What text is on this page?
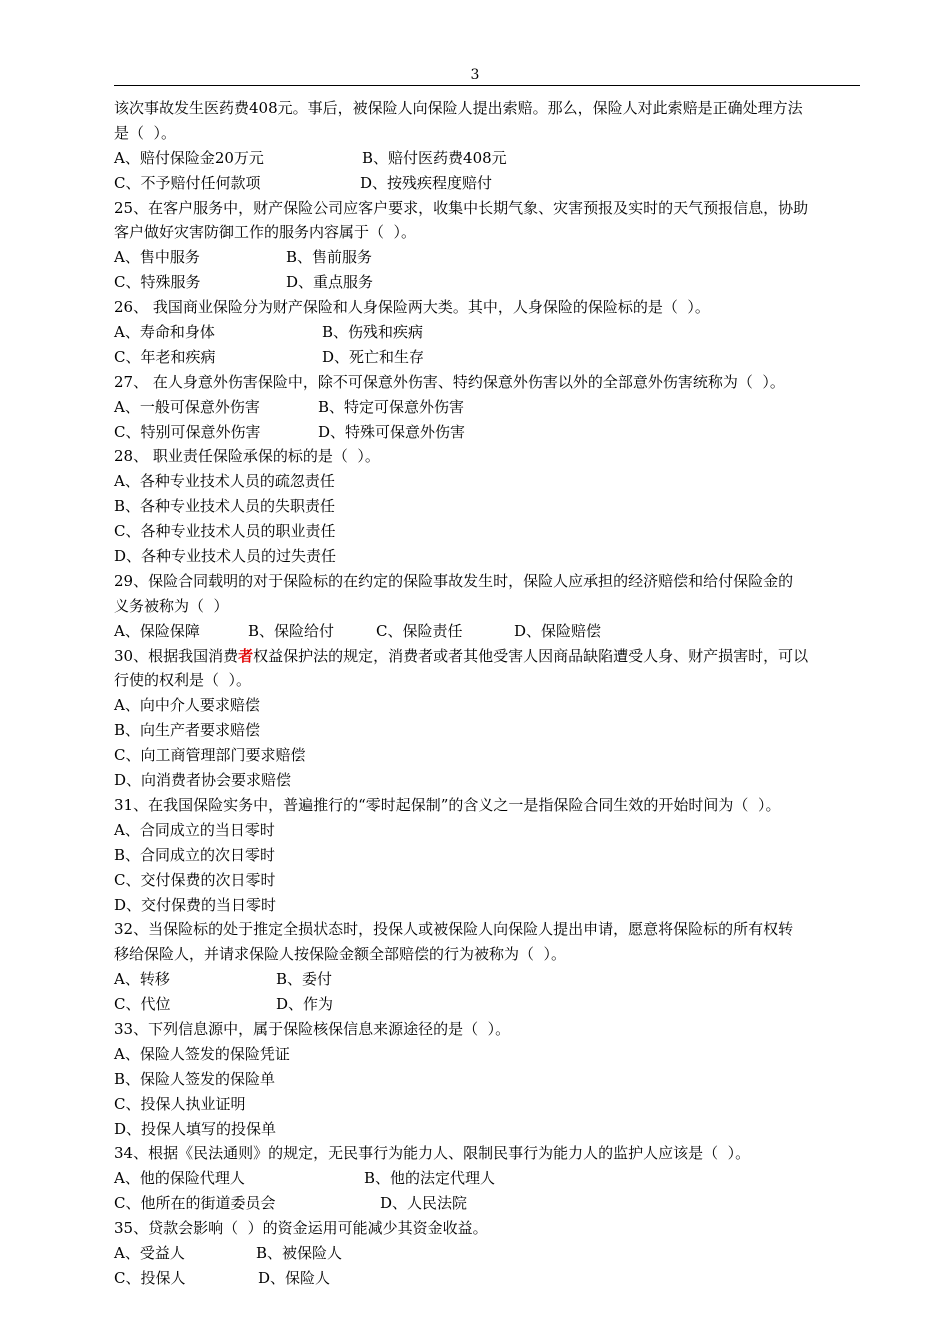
3
该次事故发生医药费408元。事后，被保险人向保险人提出索赔。那么，保险人对此索赔是正确处理方法
是（  ）。
A、赔付保险金20万元	B、赔付医药费408元
C、不予赔付任何款项	D、按残疾程度赔付
25、在客户服务中，财产保险公司应客户要求，收集中长期气象、灾害预报及实时的天气预报信息，协助
客户做好灾害防御工作的服务内容属于（  ）。
A、售中服务	B、售前服务
C、特殊服务	D、重点服务
26、 我国商业保险分为财产保险和人身保险两大类。其中，人身保险的保险标的是（  ）。
A、寿命和身体	B、伤残和疾病
C、年老和疾病	D、死亡和生存
27、 在人身意外伤害保险中，除不可保意外伤害、特约保意外伤害以外的全部意外伤害统称为（  ）。
A、一般可保意外伤害	B、特定可保意外伤害
C、特别可保意外伤害	D、特殊可保意外伤害
28、 职业责任保险承保的标的是（  ）。
A、各种专业技术人员的疏忽责任
B、各种专业技术人员的失职责任
C、各种专业技术人员的职业责任
D、各种专业技术人员的过失责任
29、保险合同载明的对于保险标的在约定的保险事故发生时，保险人应承担的经济赔偿和给付保险金的
义务被称为（  ）
A、保险保障	B、保险给付	C、保险责任	D、保险赔偿
30、根据我国消费者权益保护法的规定，消费者或者其他受害人因商品缺陷遭受人身、财产损害时，可以
行使的权利是（  ）。
A、向中介人要求赔偿
B、向生产者要求赔偿
C、向工商管理部门要求赔偿
D、向消费者协会要求赔偿
31、在我国保险实务中，普遍推行的“零时起保制”的含义之一是指保险合同生效的开始时间为（  ）。
A、合同成立的当日零时
B、合同成立的次日零时
C、交付保费的次日零时
D、交付保费的当日零时
32、当保险标的处于推定全损状态时，投保人或被保险人向保险人提出申请，愿意将保险标的所有权转
移给保险人，并请求保险人按保险金额全部赔偿的行为被称为（  ）。
A、转移	B、委付
C、代位	D、作为
33、下列信息源中，属于保险核保信息来源途径的是（  ）。
A、保险人签发的保险凭证
B、保险人签发的保险单
C、投保人执业证明
D、投保人填写的投保单
34、根据《民法通则》的规定，无民事行为能力人、限制民事行为能力人的监护人应该是（  ）。
A、他的保险代理人	B、他的法定代理人
C、他所在的街道委员会	D、人民法院
35、贷款会影响（  ）的资金运用可能减少其资金收益。
A、受益人	B、被保险人
C、投保人	D、保险人
